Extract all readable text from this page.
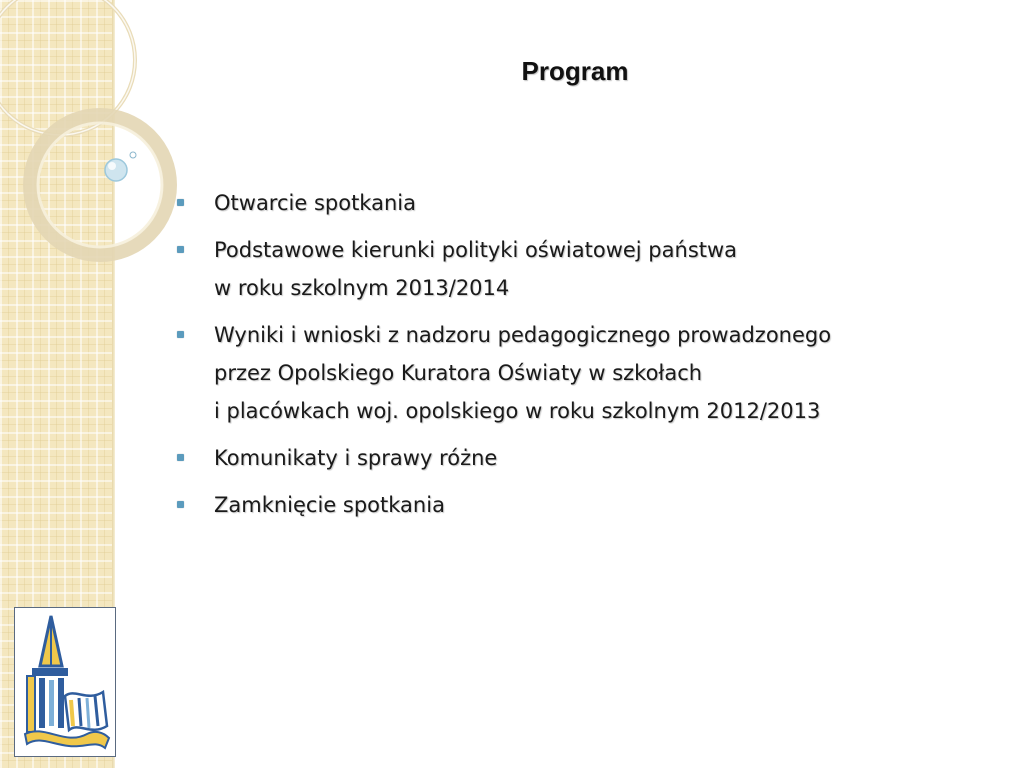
Program
Otwarcie spotkania
Podstawowe kierunki polityki oświatowej państwa
w roku szkolnym 2013/2014
Wyniki i wnioski z nadzoru pedagogicznego prowadzonego
przez Opolskiego Kuratora Oświaty w szkołach
i placówkach woj. opolskiego w roku szkolnym 2012/2013
Komunikaty i sprawy różne
Zamknięcie spotkania
